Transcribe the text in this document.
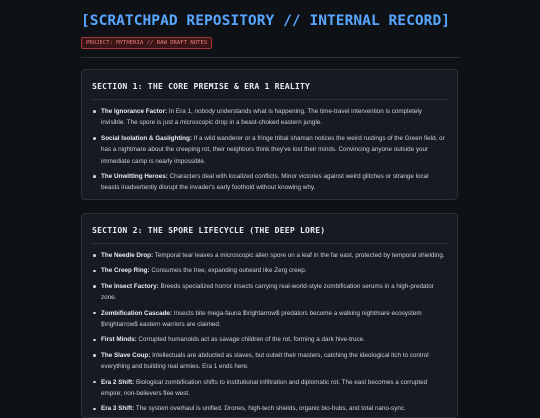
[SCRATCHPAD REPOSITORY // INTERNAL RECORD]
PROJECT: MYTHERIA // RAW DRAFT NOTES
SECTION 1: THE CORE PREMISE & ERA 1 REALITY
The Ignorance Factor: In Era 1, nobody understands what is happening. The time-travel intervention is completely invisible. The spore is just a microscopic drop in a beast-choked eastern jungle.
Social Isolation & Gaslighting: If a wild wanderer or a fringe tribal shaman notices the weird rustings of the Green field, or has a nightmare about the creeping rot, their neighbors think they've lost their minds. Convincing anyone outside your immediate camp is nearly impossible.
The Unwitting Heroes: Characters deal with localized conflicts. Minor victories against weird glitches or strange local beasts inadvertently disrupt the invader's early foothold without knowing why.
SECTION 2: THE SPORE LIFECYCLE (THE DEEP LORE)
The Needle Drop: Temporal tear leaves a microscopic alien spore on a leaf in the far east, protected by temporal shielding.
The Creep Ring: Consumes the tree, expanding outward like Zerg creep.
The Insect Factory: Breeds specialized horror insects carrying real-world-style zombification serums in a high-predator zone.
Zombification Cascade: Insects bite mega-fauna $\rightarrow$ predators become a walking nightmare ecosystem $\rightarrow$ eastern warriors are claimed.
First Minds: Corrupted humanoids act as savage children of the rot, forming a dark hive-truce.
The Slave Coup: Intellectuals are abducted as slaves, but outwit their masters, catching the ideological itch to control everything and building real armies. Era 1 ends here.
Era 2 Shift: Biological zombification shifts to institutional infiltration and diplomatic rot. The east becomes a corrupted empire; non-believers flee west.
Era 3 Shift: The system overhaul is unified. Drones, high-tech shields, organic bio-hubs, and total nano-sync.
